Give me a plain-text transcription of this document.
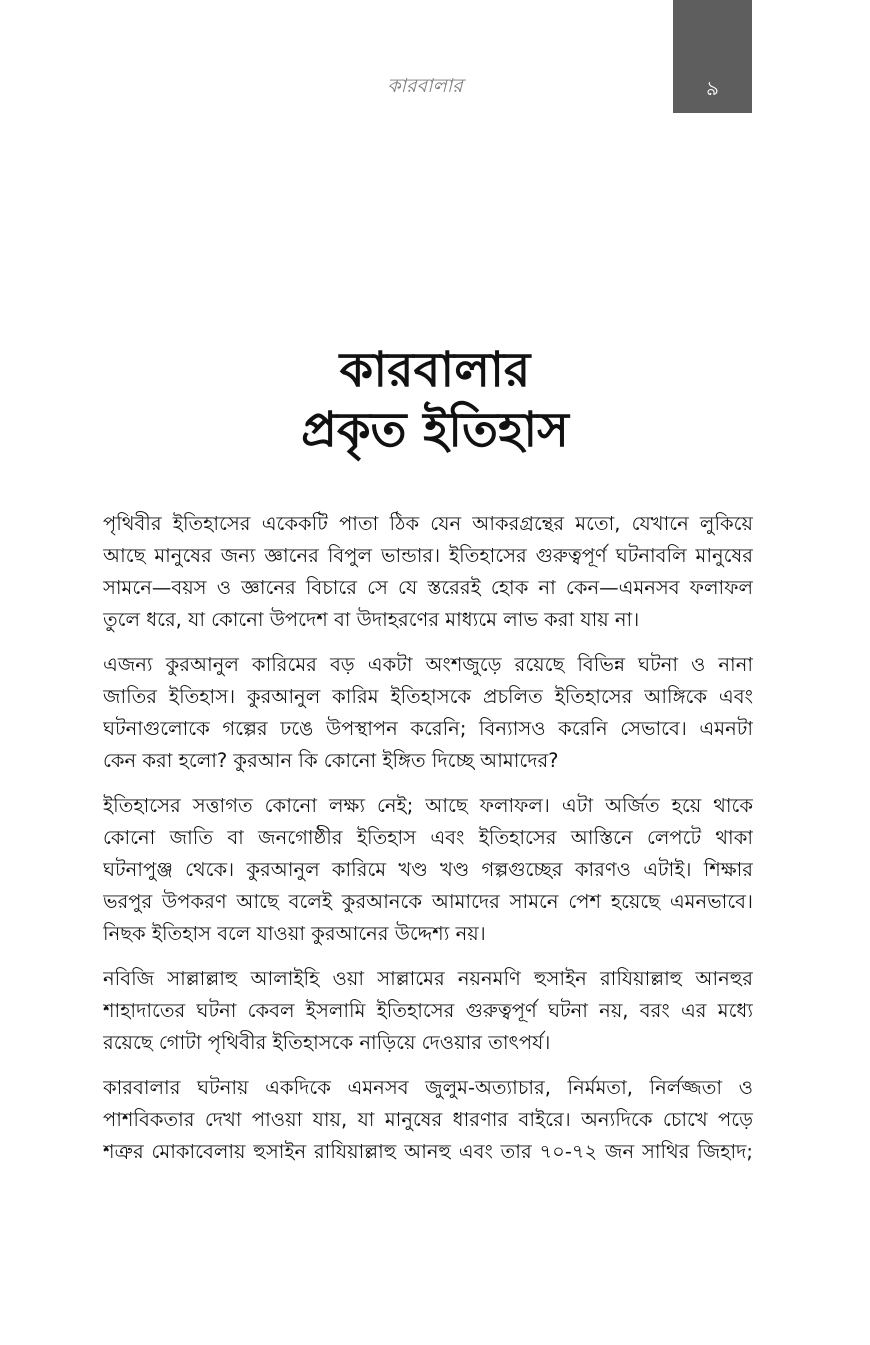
কারবালার	৯
কারবালার
প্রকৃত ইতিহাস
পৃথিবীর ইতিহাসের একেকটি পাতা ঠিক যেন আকরগ্রন্থের মতো, যেখানে লুকিয়ে
আছে মানুষের জন্য জ্ঞানের বিপুল ভান্ডার। ইতিহাসের গুরুত্বপূর্ণ ঘটনাবলি মানুষের
সামনে—বয়স ও জ্ঞানের বিচারে সে যে স্তরেরই হোক না কেন—এমনসব ফলাফল
তুলে ধরে, যা কোনো উপদেশ বা উদাহরণের মাধ্যমে লাভ করা যায় না।
এজন্য কুরআনুল কারিমের বড় একটা অংশজুড়ে রয়েছে বিভিন্ন ঘটনা ও নানা
জাতির ইতিহাস। কুরআনুল কারিম ইতিহাসকে প্রচলিত ইতিহাসের আঙ্গিকে এবং
ঘটনাগুলোকে গল্পের ঢঙে উপস্থাপন করেনি; বিন্যাসও করেনি সেভাবে। এমনটা
কেন করা হলো? কুরআন কি কোনো ইঙ্গিত দিচ্ছে আমাদের?
ইতিহাসের সত্তাগত কোনো লক্ষ্য নেই; আছে ফলাফল। এটা অর্জিত হয়ে থাকে
কোনো জাতি বা জনগোষ্ঠীর ইতিহাস এবং ইতিহাসের আস্তিনে লেপটে থাকা
ঘটনাপুঞ্জ থেকে। কুরআনুল কারিমে খণ্ড খণ্ড গল্পগুচ্ছের কারণও এটাই। শিক্ষার
ভরপুর উপকরণ আছে বলেই কুরআনকে আমাদের সামনে পেশ হয়েছে এমনভাবে।
নিছক ইতিহাস বলে যাওয়া কুরআনের উদ্দেশ্য নয়।
নবিজি সাল্লাল্লাহু আলাইহি ওয়া সাল্লামের নয়নমণি হুসাইন রাযিয়াল্লাহু আনহুর
শাহাদাতের ঘটনা কেবল ইসলামি ইতিহাসের গুরুত্বপূর্ণ ঘটনা নয়, বরং এর মধ্যে
রয়েছে গোটা পৃথিবীর ইতিহাসকে নাড়িয়ে দেওয়ার তাৎপর্য।
কারবালার ঘটনায় একদিকে এমনসব জুলুম-অত্যাচার, নির্মমতা, নির্লজ্জতা ও
পাশবিকতার দেখা পাওয়া যায়, যা মানুষের ধারণার বাইরে। অন্যদিকে চোখে পড়ে
শত্রুর মোকাবেলায় হুসাইন রাযিয়াল্লাহু আনহু এবং তার ৭০-৭২ জন সাথির জিহাদ;
